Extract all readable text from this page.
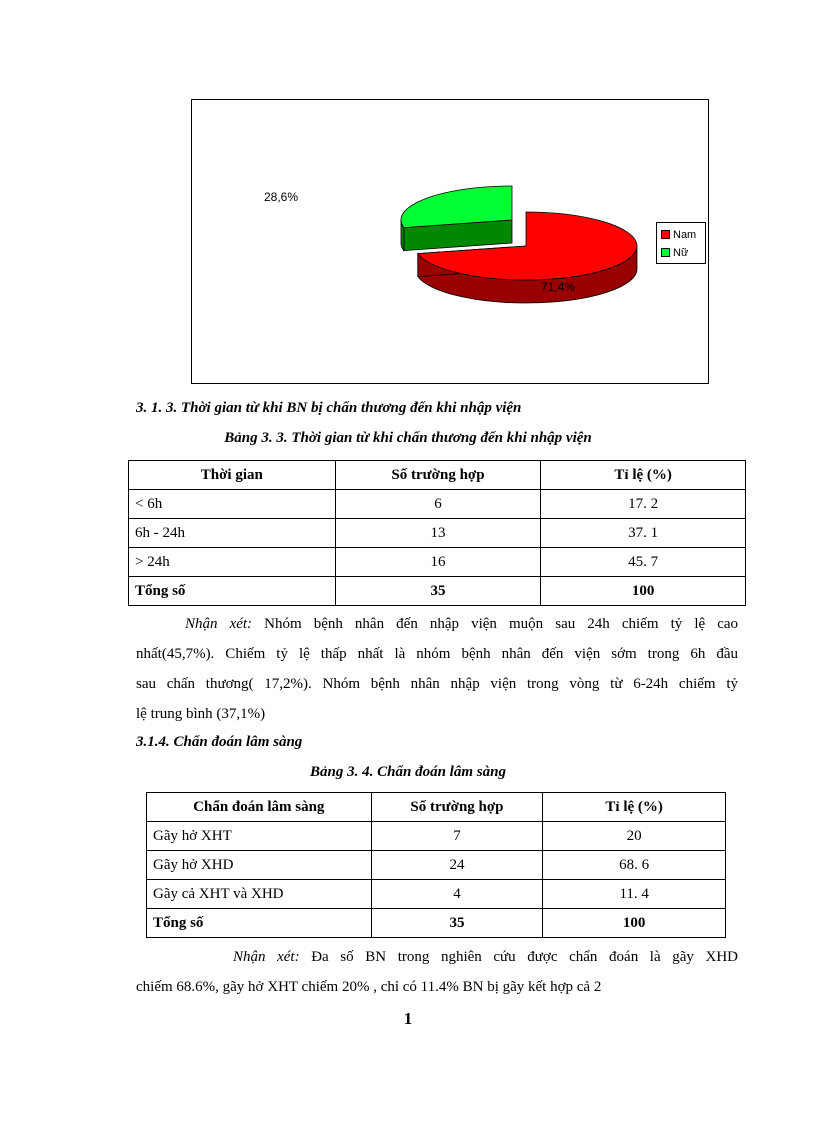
28,6%
71,4%
Nam
Nữ
3. 1. 3. Thời gian từ khi BN bị chấn thương đến khi nhập viện
Bảng 3. 3. Thời gian từ khi chấn thương đến khi nhập viện
Thời gian	Số trường hợp	Tỉ lệ (%)
< 6h	6	17. 2
6h - 24h	13	37. 1
> 24h	16	45. 7
Tổng số	35	100
Nhận xét: Nhóm bệnh nhân đến nhập viện muộn sau 24h chiếm tỷ lệ cao
nhất(45,7%). Chiếm tỷ lệ thấp nhất là nhóm bệnh nhân đến viện sớm trong 6h đầu
sau chấn thương( 17,2%). Nhóm bệnh nhân nhập viện trong vòng từ 6-24h chiếm tỷ
lệ trung bình (37,1%)
3.1.4. Chẩn đoán lâm sàng
Bảng 3. 4. Chẩn đoán lâm sàng
Chẩn đoán lâm sàng	Số trường hợp	Tỉ lệ (%)
Gãy hở XHT	7	20
Gãy hở XHD	24	68. 6
Gãy cả XHT và XHD	4	11. 4
Tổng số	35	100
Nhận xét: Đa số BN trong nghiên cứu được chẩn đoán là gãy XHD
chiếm 68.6%, gãy hở XHT chiếm 20% , chỉ có 11.4% BN bị gãy kết hợp cả 2
1
